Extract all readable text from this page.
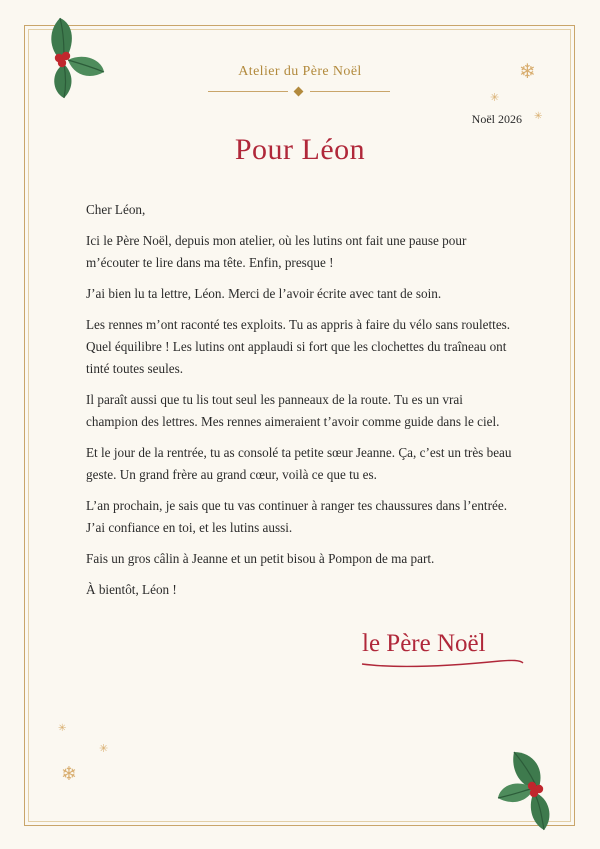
❄
✳
✳
✳
✳
❄
Atelier du Père Noël
Noël 2026
Pour Léon

Cher Léon,

Ici le Père Noël, depuis mon atelier, où les lutins ont fait une pause pour m’écouter te lire dans ma tête. Enfin, presque !

J’ai bien lu ta lettre, Léon. Merci de l’avoir écrite avec tant de soin.

Les rennes m’ont raconté tes exploits. Tu as appris à faire du vélo sans roulettes. Quel équilibre ! Les lutins ont applaudi si fort que les clochettes du traîneau ont tinté toutes seules.

Il paraît aussi que tu lis tout seul les panneaux de la route. Tu es un vrai champion des lettres. Mes rennes aimeraient t’avoir comme guide dans le ciel.

Et le jour de la rentrée, tu as consolé ta petite sœur Jeanne. Ça, c’est un très beau geste. Un grand frère au grand cœur, voilà ce que tu es.

L’an prochain, je sais que tu vas continuer à ranger tes chaussures dans l’entrée. J’ai confiance en toi, et les lutins aussi.

Fais un gros câlin à Jeanne et un petit bisou à Pompon de ma part.

À bientôt, Léon !

le Père Noël
